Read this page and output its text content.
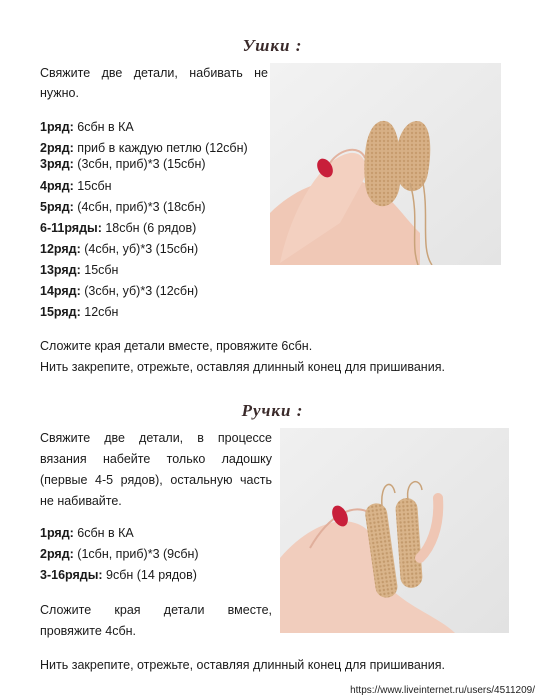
Ушки :
Свяжите две детали, набивать не
нужно.
1ряд: 6сбн в КА
2ряд: приб в каждую петлю (12сбн)
3ряд: (3сбн, приб)*3 (15сбн)
4ряд: 15сбн
5ряд: (4сбн, приб)*3 (18сбн)
6-11ряды: 18сбн (6 рядов)
12ряд: (4сбн, уб)*3 (15сбн)
13ряд: 15сбн
14ряд: (3сбн, уб)*3 (12сбн)
15ряд: 12сбн
Сложите края детали вместе, провяжите 6сбн.
Нить закрепите, отрежьте, оставляя длинный конец для пришивания.
Ручки :
Свяжите две детали, в процессе
вязания набейте только ладошку
(первые 4-5 рядов), остальную часть
не набивайте.
1ряд: 6сбн в КА
2ряд: (1сбн, приб)*3 (9сбн)
3-16ряды: 9сбн (14 рядов)
Сложите края детали вместе,
провяжите 4сбн.
Нить закрепите, отрежьте, оставляя длинный конец для пришивания.
https://www.liveinternet.ru/users/4511209/
